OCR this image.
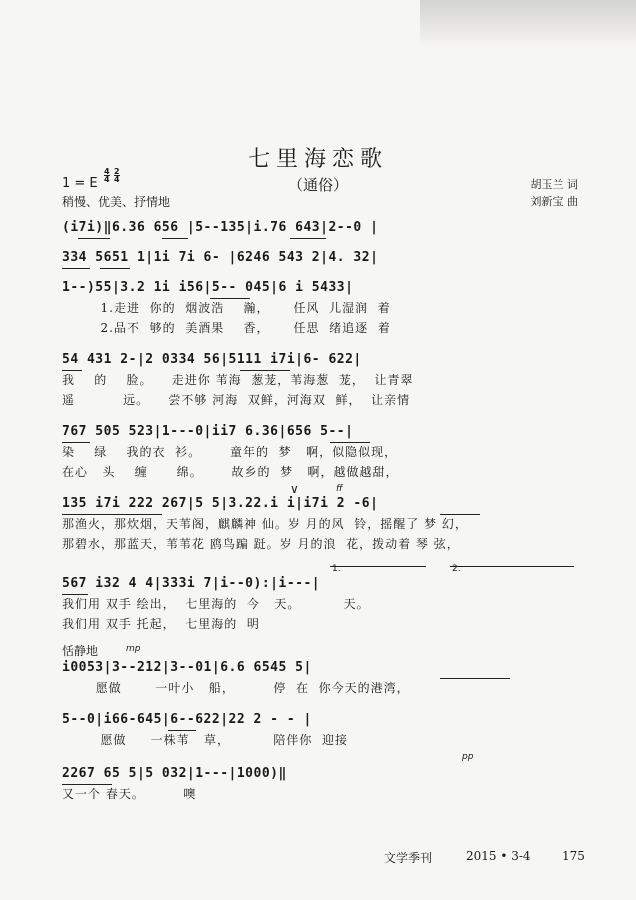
七里海恋歌
（通俗）
1 = E
4
4
2
4
稍慢、优美、抒情地
胡玉兰 词
刘新宝 曲
(i7i)‖6.36 656 |5--135|i.76 643|2--0 |
334 5651 1|1i 7i 6- |6246 543 2|4. 32|
1--)55|3.2 1i i56|5-- 045|6 i 5433|
1.走进  你的  烟波浩    瀚，     任风  儿湿润  着
2.品不  够的  美酒果    香，     任思  绪追逐  着
54 431 2-|2 0334 56|5111 i7i|6- 622|
我    的    脸。    走进你 苇海  葱茏，苇海葱  茏，  让青翠
遥          远。    尝不够 河海  双鲜，河海双  鲜，  让亲情
767 505 523|1---0|ii7 6.36|656 5--|
染    绿    我的衣  衫。      童年的  梦   啊，似隐似现，
在心   头    缠      绵。      故乡的  梦   啊，越做越甜，
135 i7i 222 267|5 5|3.22.i i|i7i 2 -6|
那渔火，那炊烟，天苇阁，麒麟神 仙。岁 月的风  铃，摇醒了 梦 幻，
那碧水，那蓝天，苇苇花 鸥鸟蹁 跹。岁 月的浪  花，拨动着 琴 弦，
∨	ff
567 i32 4 4|333i 7|i--0):|i---|
我们用 双手 绘出，  七里海的  今   天。         天。
我们用 双手 托起，  七里海的  明
1.	2.
恬静地	mp
i0053|3--212|3--01|6.6 6545 5|
愿做       一叶小   船，        停  在  你今天的港湾，
5--0|i66-645|6--622|22 2 - - |
愿做     一株苇   草，         陪伴你  迎接
pp
2267 65 5|5 032|1---|1000)‖
又一个 春天。        噢
文学季刊	2015 • 3-4	175
